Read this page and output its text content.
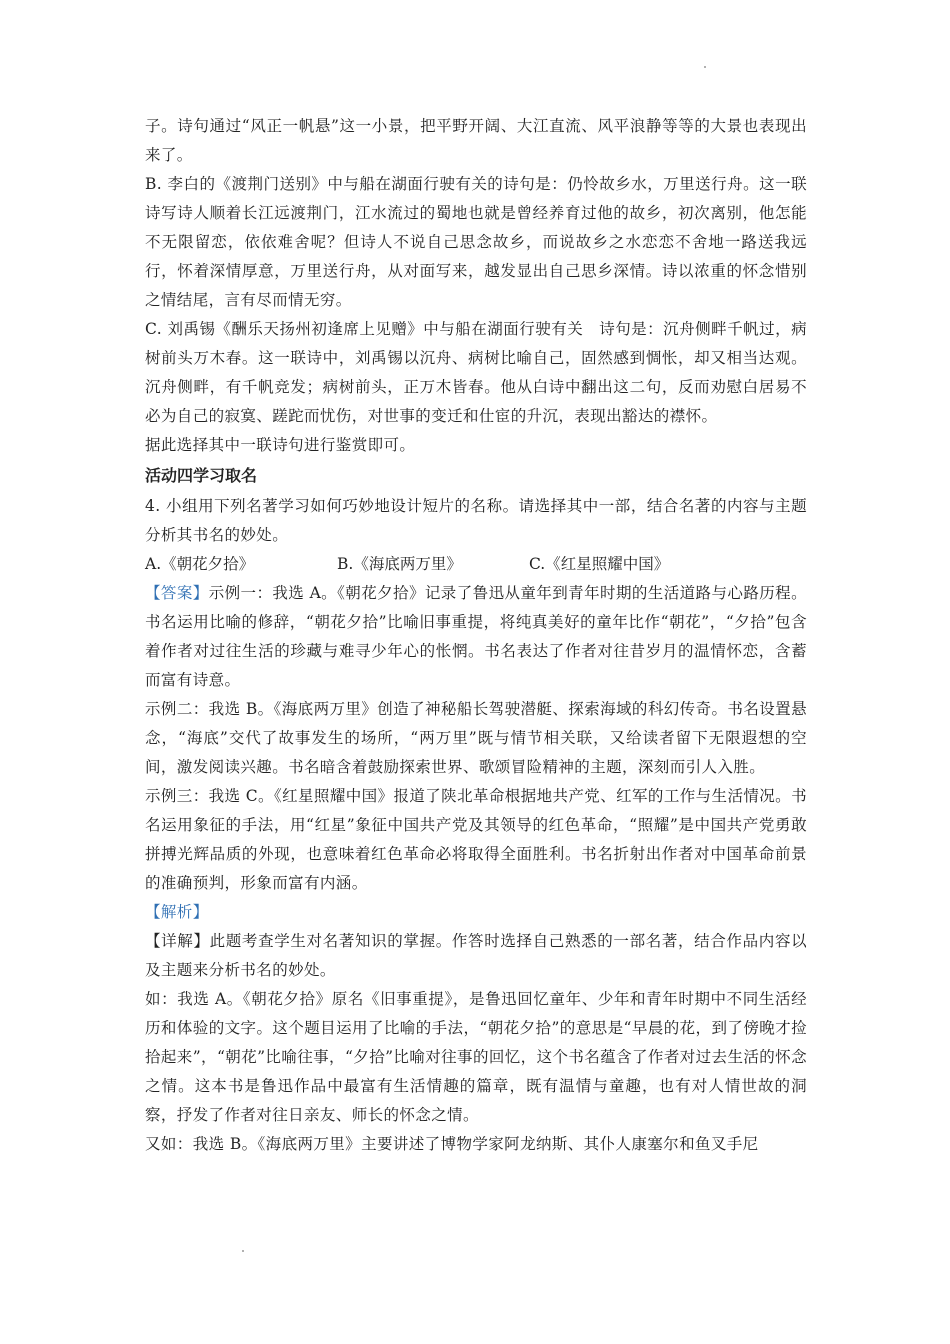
子。诗句通过“风正一帆悬”这一小景，把平野开阔、大江直流、风平浪静等等的大景也表现出来了。

B. 李白的《渡荆门送别》中与船在湖面行驶有关的诗句是：仍怜故乡水，万里送行舟。这一联诗写诗人顺着长江远渡荆门，江水流过的蜀地也就是曾经养育过他的故乡，初次离别，他怎能不无限留恋，依依难舍呢？但诗人不说自己思念故乡，而说故乡之水恋恋不舍地一路送我远行，怀着深情厚意，万里送行舟，从对面写来，越发显出自己思乡深情。诗以浓重的怀念惜别之情结尾，言有尽而情无穷。

C. 刘禹锡《酬乐天扬州初逢席上见赠》中与船在湖面行驶有关　诗句是：沉舟侧畔千帆过，病树前头万木春。这一联诗中，刘禹锡以沉舟、病树比喻自己，固然感到惆怅，却又相当达观。沉舟侧畔，有千帆竞发；病树前头，正万木皆春。他从白诗中翻出这二句，反而劝慰白居易不必为自己的寂寞、蹉跎而忧伤，对世事的变迁和仕宦的升沉，表现出豁达的襟怀。

据此选择其中一联诗句进行鉴赏即可。

活动四学习取名

4. 小组用下列名著学习如何巧妙地设计短片的名称。请选择其中一部，结合名著的内容与主题分析其书名的妙处。

A.《朝花夕拾》	B.《海底两万里》	C.《红星照耀中国》

【答案】示例一：我选 A。《朝花夕拾》记录了鲁迅从童年到青年时期的生活道路与心路历程。书名运用比喻的修辞，“朝花夕拾”比喻旧事重提，将纯真美好的童年比作“朝花”，“夕拾”包含着作者对过往生活的珍藏与难寻少年心的怅惘。书名表达了作者对往昔岁月的温情怀恋，含蓄而富有诗意。

示例二：我选 B。《海底两万里》创造了神秘船长驾驶潜艇、探索海域的科幻传奇。书名设置悬念，“海底”交代了故事发生的场所，“两万里”既与情节相关联，又给读者留下无限遐想的空间，激发阅读兴趣。书名暗含着鼓励探索世界、歌颂冒险精神的主题，深刻而引人入胜。

示例三：我选 C。《红星照耀中国》报道了陕北革命根据地共产党、红军的工作与生活情况。书名运用象征的手法，用“红星”象征中国共产党及其领导的红色革命，“照耀”是中国共产党勇敢拼搏光辉品质的外现，也意味着红色革命必将取得全面胜利。书名折射出作者对中国革命前景的准确预判，形象而富有内涵。

【解析】

【详解】此题考查学生对名著知识的掌握。作答时选择自己熟悉的一部名著，结合作品内容以及主题来分析书名的妙处。

如：我选 A。《朝花夕拾》原名《旧事重提》，是鲁迅回忆童年、少年和青年时期中不同生活经历和体验的文字。这个题目运用了比喻的手法，“朝花夕拾”的意思是“早晨的花，到了傍晚才捡拾起来”，“朝花”比喻往事，“夕拾”比喻对往事的回忆，这个书名蕴含了作者对过去生活的怀念之情。这本书是鲁迅作品中最富有生活情趣的篇章，既有温情与童趣，也有对人情世故的洞察，抒发了作者对往日亲友、师长的怀念之情。

又如：我选 B。《海底两万里》主要讲述了博物学家阿龙纳斯、其仆人康塞尔和鱼叉手尼
